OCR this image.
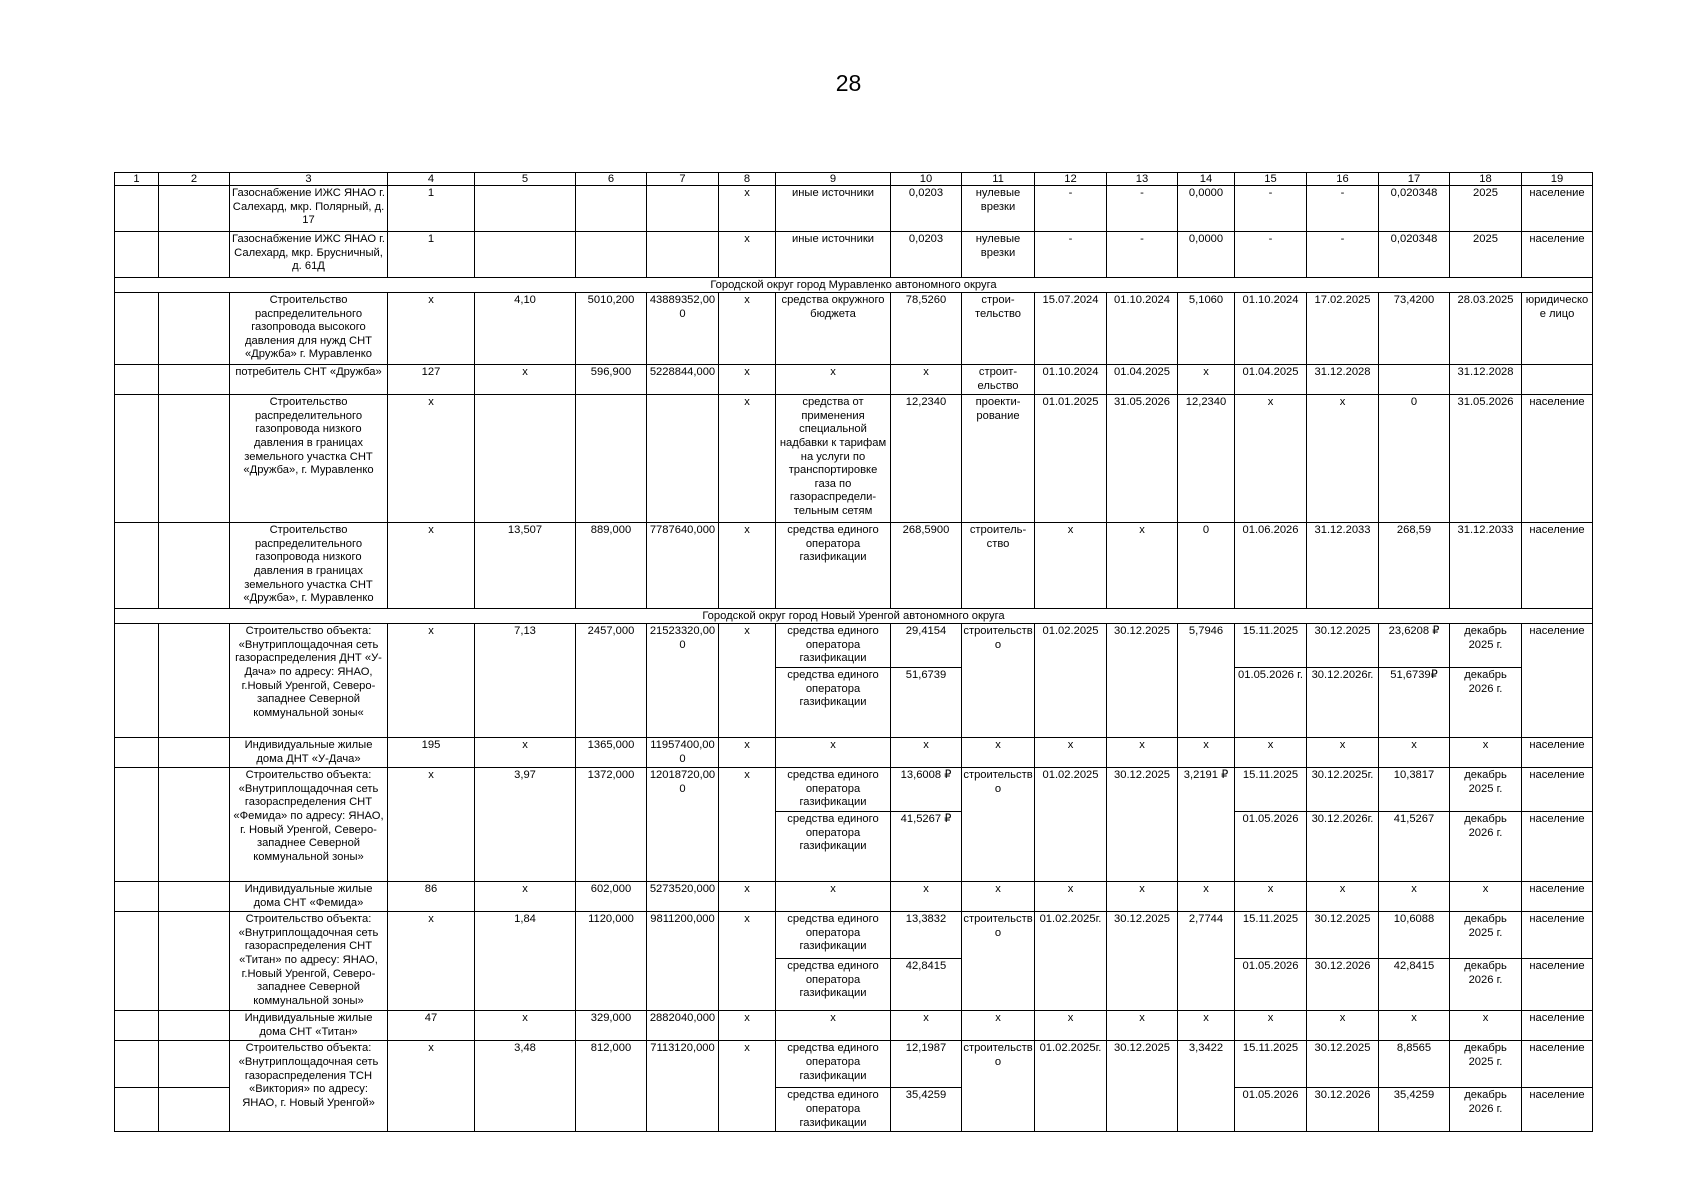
28
1	2	3	4	5	6	7	8	9	10	11	12	13	14	15	16	17	18	19
		Газоснабжение ИЖС ЯНАО г. Салехард, мкр. Полярный, д. 17	1				х	иные источники	0,0203	нулевые врезки	-	-	0,0000	-	-	0,020348	2025	население
		Газоснабжение ИЖС ЯНАО г. Салехард, мкр. Брусничный, д. 61Д	1				х	иные источники	0,0203	нулевые врезки	-	-	0,0000	-	-	0,020348	2025	население
Городской округ город Муравленко автономного округа																		
		Строительство распределительного газопровода высокого давления для нужд СНТ «Дружба» г. Муравленко	х	4,10	5010,200	43889352,000	х	средства окружного бюджета	78,5260	строи-тельство	15.07.2024	01.10.2024	5,1060	01.10.2024	17.02.2025	73,4200	28.03.2025	юридическое лицо
		потребитель СНТ «Дружба»	127	х	596,900	5228844,000	х	х	х	строит-ельство	01.10.2024	01.04.2025	х	01.04.2025	31.12.2028		31.12.2028	
		Строительство распределительного газопровода низкого давления в границах земельного участка СНТ «Дружба», г. Муравленко	х				х	средства от применения специальной надбавки к тарифам на услуги по транспортировке газа по газораспредели-тельным сетям	12,2340	проекти-рование	01.01.2025	31.05.2026	12,2340	х	х	0	31.05.2026	население
		Строительство распределительного газопровода низкого давления в границах земельного участка СНТ «Дружба», г. Муравленко	х	13,507	889,000	7787640,000	х	средства единого оператора газификации	268,5900	строитель-ство	х	х	0	01.06.2026	31.12.2033	268,59	31.12.2033	население
Городской округ город Новый Уренгой автономного округа																		
		Строительство объекта: «Внутриплощадочная сеть газораспределения ДНТ «У-Дача» по адресу: ЯНАО, г.Новый Уренгой, Северо-западнее Северной коммунальной зоны«	х	7,13	2457,000	21523320,000	х	средства единого оператора газификации	29,4154	строительство	01.02.2025	30.12.2025	5,7946	15.11.2025	30.12.2025	23,6208 ₽	декабрь 2025 г.	население
								средства единого оператора газификации	51,6739					01.05.2026 г.	30.12.2026г.	51,6739₽	декабрь 2026 г.	
		Индивидуальные жилые дома ДНТ «У-Дача»	195	х	1365,000	11957400,000	х	х	х	х	х	х	х	х	х	х	х	население
		Строительство объекта: «Внутриплощадочная сеть газораспределения СНТ «Фемида» по адресу: ЯНАО, г. Новый Уренгой, Северо-западнее Северной коммунальной зоны»	х	3,97	1372,000	12018720,000	х	средства единого оператора газификации	13,6008 ₽	строительство	01.02.2025	30.12.2025	3,2191 ₽	15.11.2025	30.12.2025г.	10,3817	декабрь 2025 г.	население
								средства единого оператора газификации	41,5267 ₽					01.05.2026	30.12.2026г.	41,5267	декабрь 2026 г.	население
		Индивидуальные жилые дома СНТ «Фемида»	86	х	602,000	5273520,000	х	х	х	х	х	х	х	х	х	х	х	население
		Строительство объекта: «Внутриплощадочная сеть газораспределения СНТ «Титан» по адресу: ЯНАО, г.Новый Уренгой, Северо-западнее Северной коммунальной зоны»	х	1,84	1120,000	9811200,000	х	средства единого оператора газификации	13,3832	строительство	01.02.2025г.	30.12.2025	2,7744	15.11.2025	30.12.2025	10,6088	декабрь 2025 г.	население
								средства единого оператора газификации	42,8415					01.05.2026	30.12.2026	42,8415	декабрь 2026 г.	население
		Индивидуальные жилые дома СНТ «Титан»	47	х	329,000	2882040,000	х	х	х	х	х	х	х	х	х	х	х	население
		Строительство объекта: «Внутриплощадочная сеть газораспределения ТСН «Виктория» по адресу: ЯНАО, г. Новый Уренгой»	х	3,48	812,000	7113120,000	х	средства единого оператора газификации	12,1987	строительство	01.02.2025г.	30.12.2025	3,3422	15.11.2025	30.12.2025	8,8565	декабрь 2025 г.	население
								средства единого оператора газификации	35,4259					01.05.2026	30.12.2026	35,4259	декабрь 2026 г.	население
